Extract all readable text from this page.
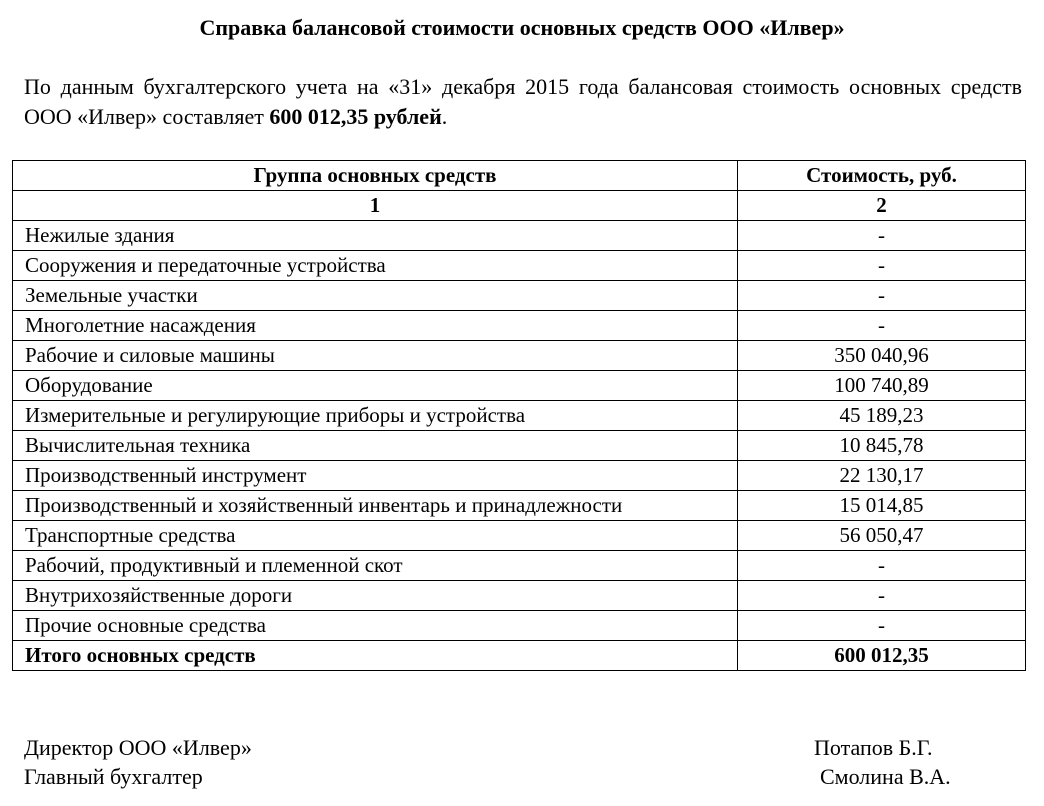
Справка балансовой стоимости основных средств ООО «Илвер»
По данным бухгалтерского учета на «31» декабря 2015 года балансовая стоимость основных средств ООО «Илвер» составляет 600 012,35 рублей.
Группа основных средств	Стоимость, руб.
1	2
Нежилые здания	-
Сооружения и передаточные устройства	-
Земельные участки	-
Многолетние насаждения	-
Рабочие и силовые машины	350 040,96
Оборудование	100 740,89
Измерительные и регулирующие приборы и устройства	45 189,23
Вычислительная техника	10 845,78
Производственный инструмент	22 130,17
Производственный и хозяйственный инвентарь и принадлежности	15 014,85
Транспортные средства	56 050,47
Рабочий, продуктивный и племенной скот	-
Внутрихозяйственные дороги	-
Прочие основные средства	-
Итого основных средств	600 012,35
Директор ООО «Илвер»	Потапов Б.Г.
Главный бухгалтер	Смолина В.А.
